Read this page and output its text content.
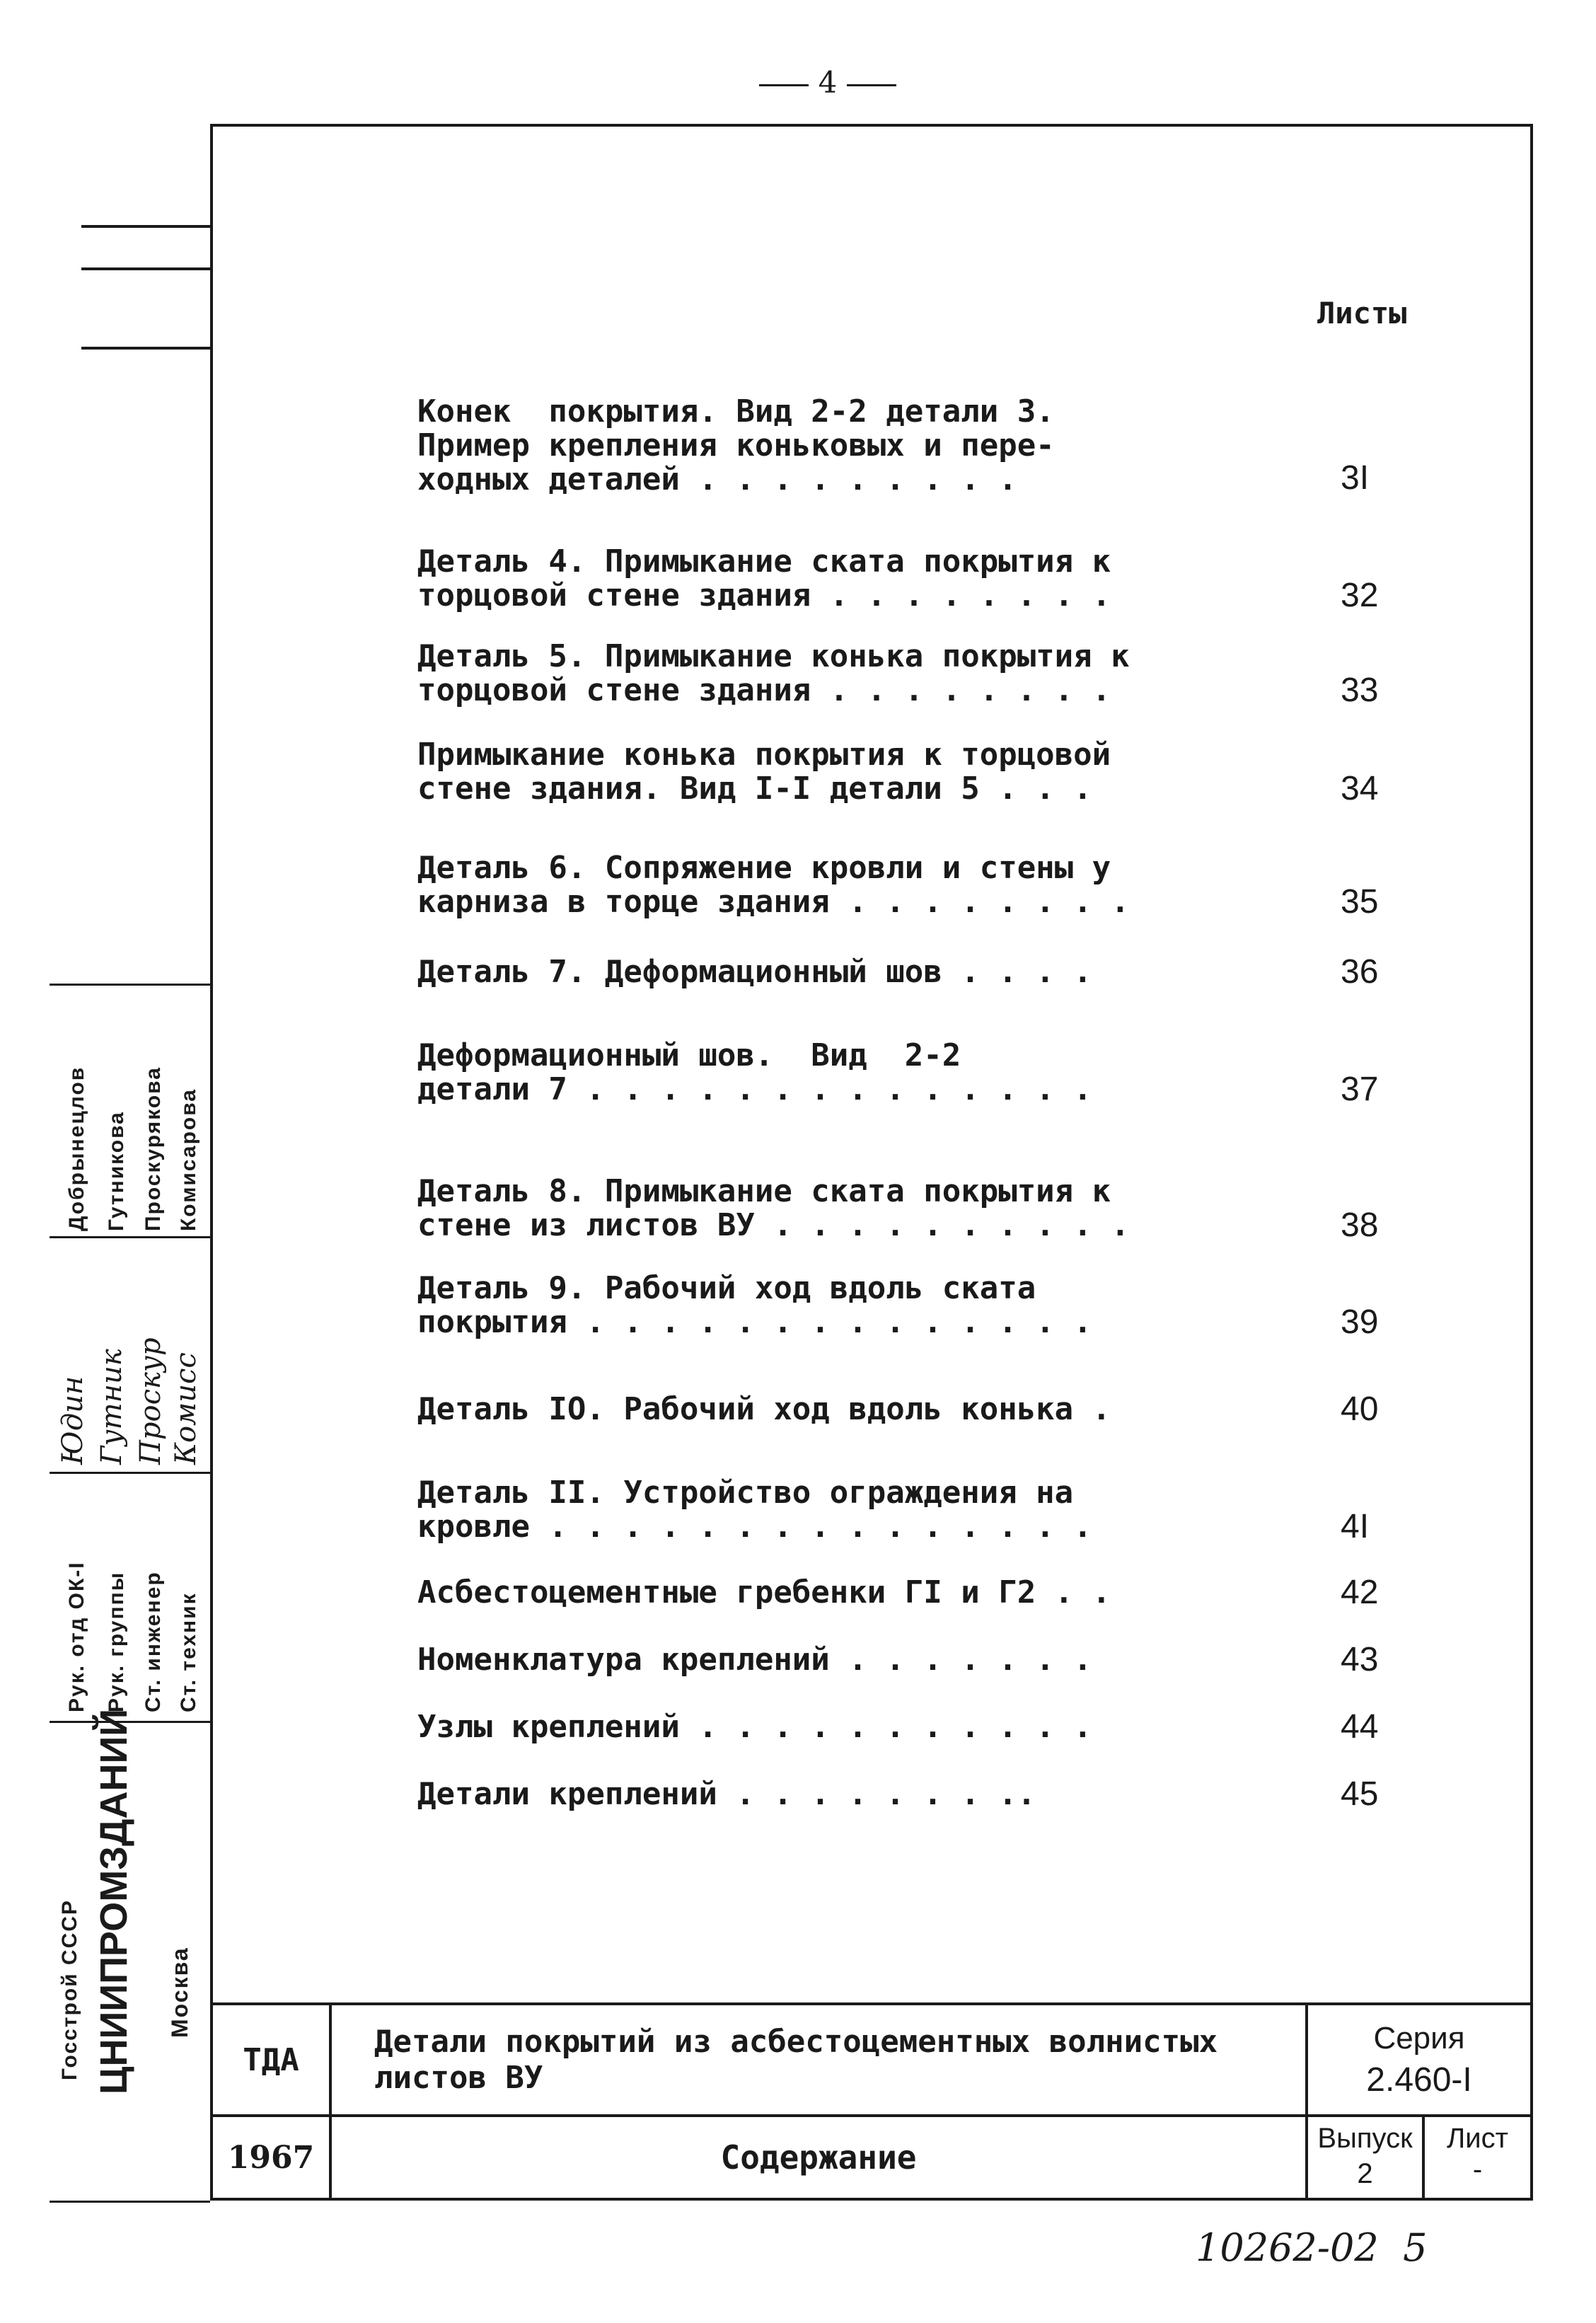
4
Листы
Конек  покрытия. Вид 2-2 детали 3.
Пример крепления коньковых и пере-
ходных деталей . . . . . . . . .	3I
Деталь 4. Примыкание ската покрытия к
торцовой стене здания . . . . . . . .	32
Деталь 5. Примыкание конька покрытия к
торцовой стене здания . . . . . . . .	33
Примыкание конька покрытия к торцовой
стене здания. Вид I-I детали 5 . . .	34
Деталь 6. Сопряжение кровли и стены у
карниза в торце здания . . . . . . . .	35
Деталь 7. Деформационный шов . . . .	36
Деформационный шов.  Вид  2-2
детали 7 . . . . . . . . . . . . . .	37
Деталь 8. Примыкание ската покрытия к
стене из листов ВУ . . . . . . . . . .	38
Деталь 9. Рабочий ход вдоль ската
покрытия . . . . . . . . . . . . . .	39
Деталь IO. Рабочий ход вдоль конька .	40
Деталь II. Устройство ограждения на
кровле . . . . . . . . . . . . . . .	4I
Асбестоцементные гребенки ГI и Г2 . .	42
Номенклатура креплений . . . . . . .	43
Узлы креплений . . . . . . . . . . .	44
Детали креплений . . . . . . . ..	45
Добрынецлов Гутникова Проскурякова Комисарова
Юдин Гутник Проскур Комисс
Рук. отд ОК-I Рук. группы Ст. инженер Ст. техник
Госстрой СССР ЦНИИПРОМЗДАНИЙ Москва
ТДА
1967
Детали покрытий из асбестоцементных волнистых
листов ВУ
Содержание
Серия
2.460-I
Выпуск
2
Лист
-
10262-02  5
